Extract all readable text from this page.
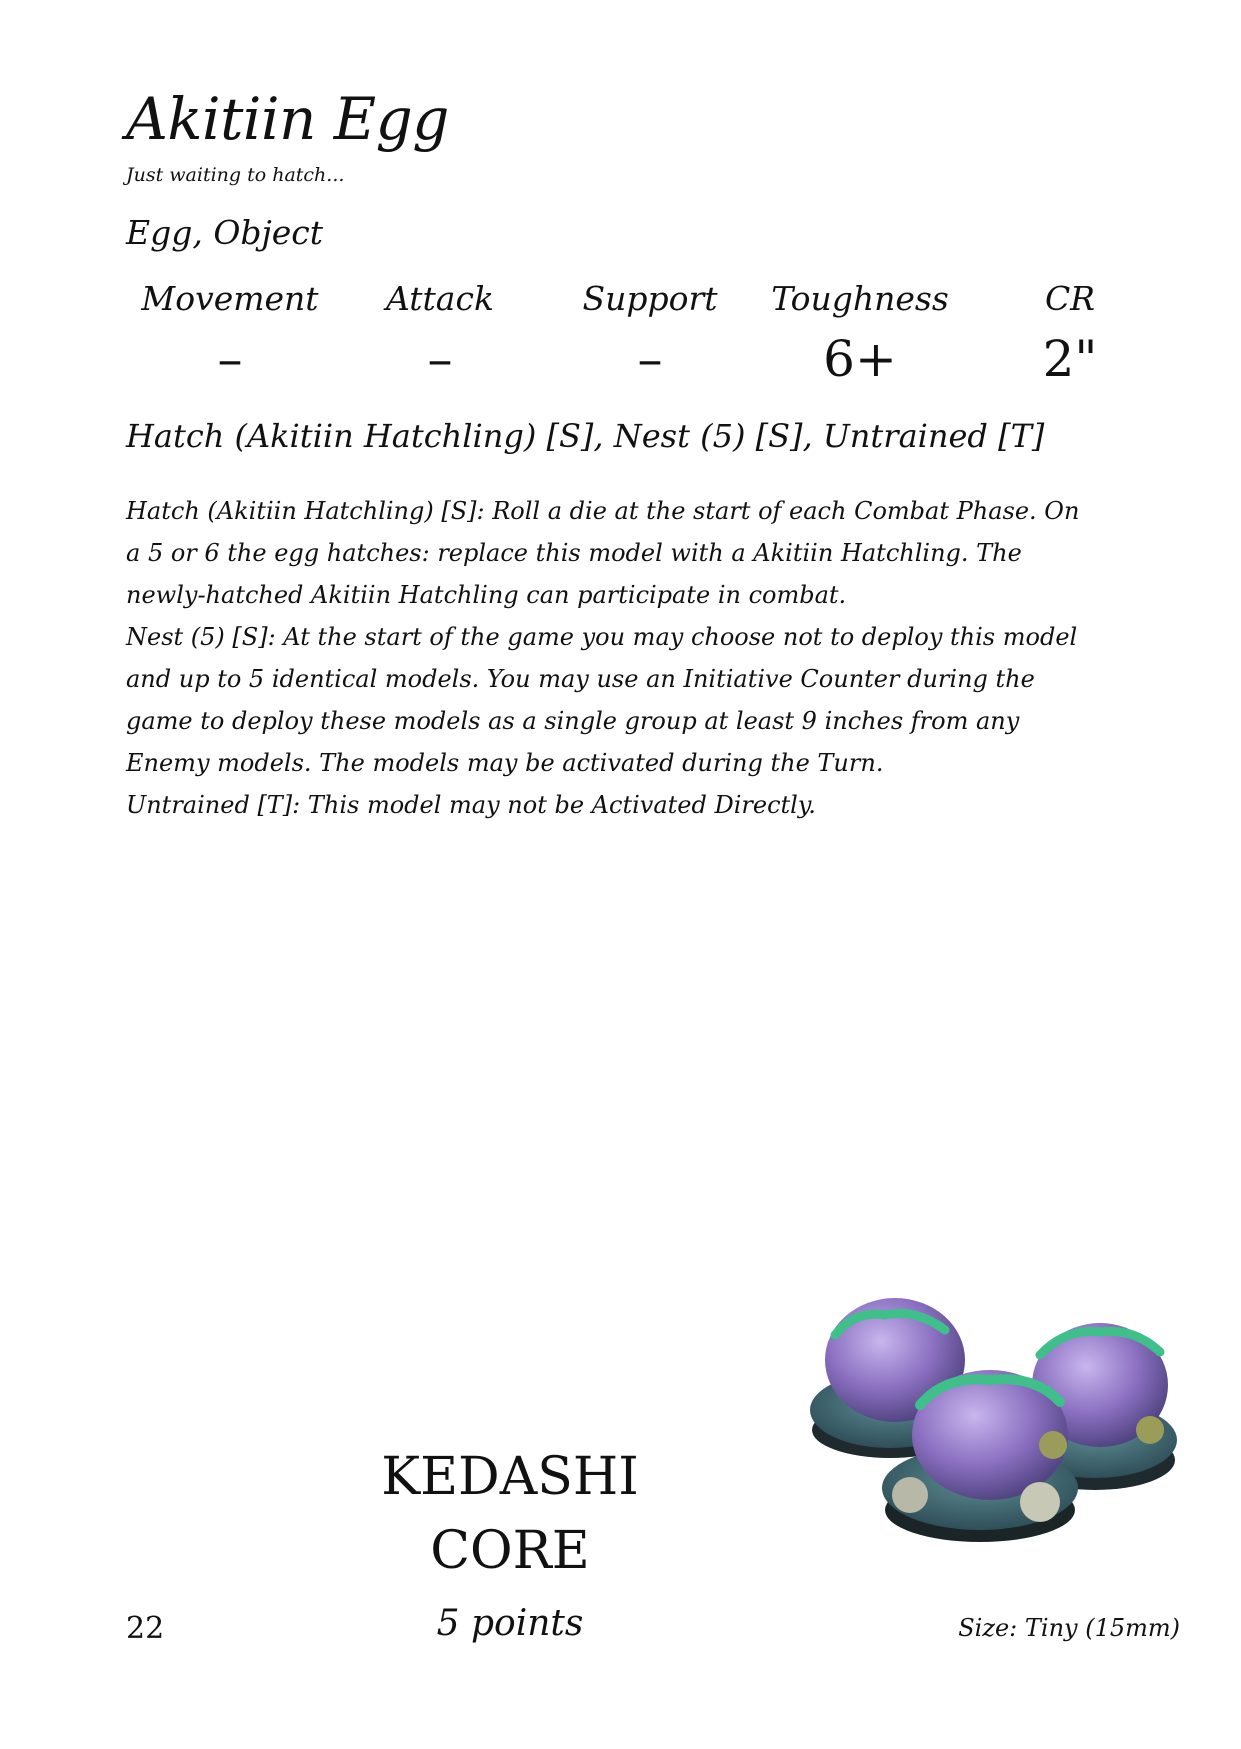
Akitiin Egg
Just waiting to hatch...
Egg, Object
Movement	Attack	Support	Toughness	CR
–	–	–	6+	2"
Hatch (Akitiin Hatchling) [S], Nest (5) [S], Untrained [T]
Hatch (Akitiin Hatchling) [S]: Roll a die at the start of each Combat Phase. On a 5 or 6 the egg hatches: replace this model with a Akitiin Hatchling. The newly-hatched Akitiin Hatchling can participate in combat.
Nest (5) [S]: At the start of the game you may choose not to deploy this model and up to 5 identical models. You may use an Initiative Counter during the game to deploy these models as a single group at least 9 inches from any Enemy models. The models may be activated during the Turn.
Untrained [T]: This model may not be Activated Directly.
KEDASHI
CORE
5 points
22	Size: Tiny (15mm)
